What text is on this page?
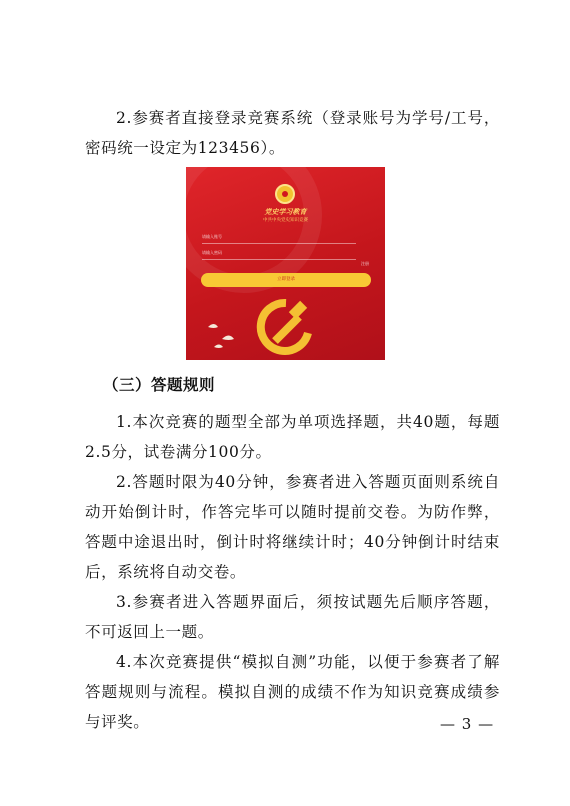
2.参赛者直接登录竞赛系统（登录账号为学号/工号，密码统一设定为123456）。
党史学习教育
中共中央党史知识竞赛
请输入账号
请输入密码
注册
立即登录
（三）答题规则
1.本次竞赛的题型全部为单项选择题，共40题，每题2.5分，试卷满分100分。
2.答题时限为40分钟，参赛者进入答题页面则系统自动开始倒计时，作答完毕可以随时提前交卷。为防作弊，答题中途退出时，倒计时将继续计时；40分钟倒计时结束后，系统将自动交卷。
3.参赛者进入答题界面后，须按试题先后顺序答题，不可返回上一题。
4.本次竞赛提供“模拟自测”功能，以便于参赛者了解答题规则与流程。模拟自测的成绩不作为知识竞赛成绩参与评奖。	— 3 —
